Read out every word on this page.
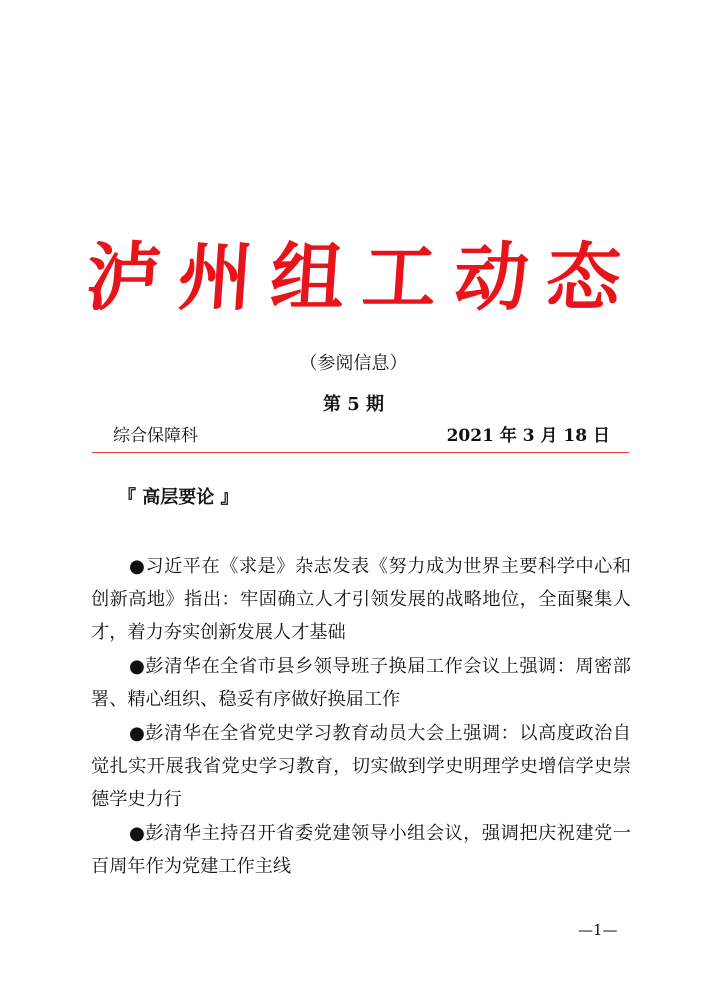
泸州组工动态
（参阅信息）
第 5 期
综合保障科	2021 年 3 月 18 日
『 高层要论 』

●习近平在《求是》杂志发表《努力成为世界主要科学中心和创新高地》指出：牢固确立人才引领发展的战略地位，全面聚集人才，着力夯实创新发展人才基础

●彭清华在全省市县乡领导班子换届工作会议上强调：周密部署、精心组织、稳妥有序做好换届工作

●彭清华在全省党史学习教育动员大会上强调：以高度政治自觉扎实开展我省党史学习教育，切实做到学史明理学史增信学史崇德学史力行

●彭清华主持召开省委党建领导小组会议，强调把庆祝建党一百周年作为党建工作主线

—1—
